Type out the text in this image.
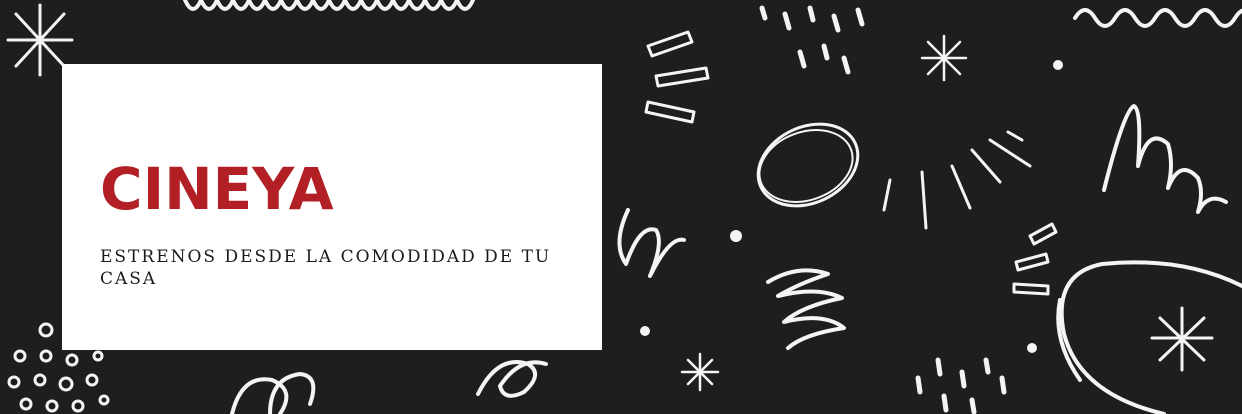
CINEYA

ESTRENOS DESDE LA COMODIDAD DE TU CASA
